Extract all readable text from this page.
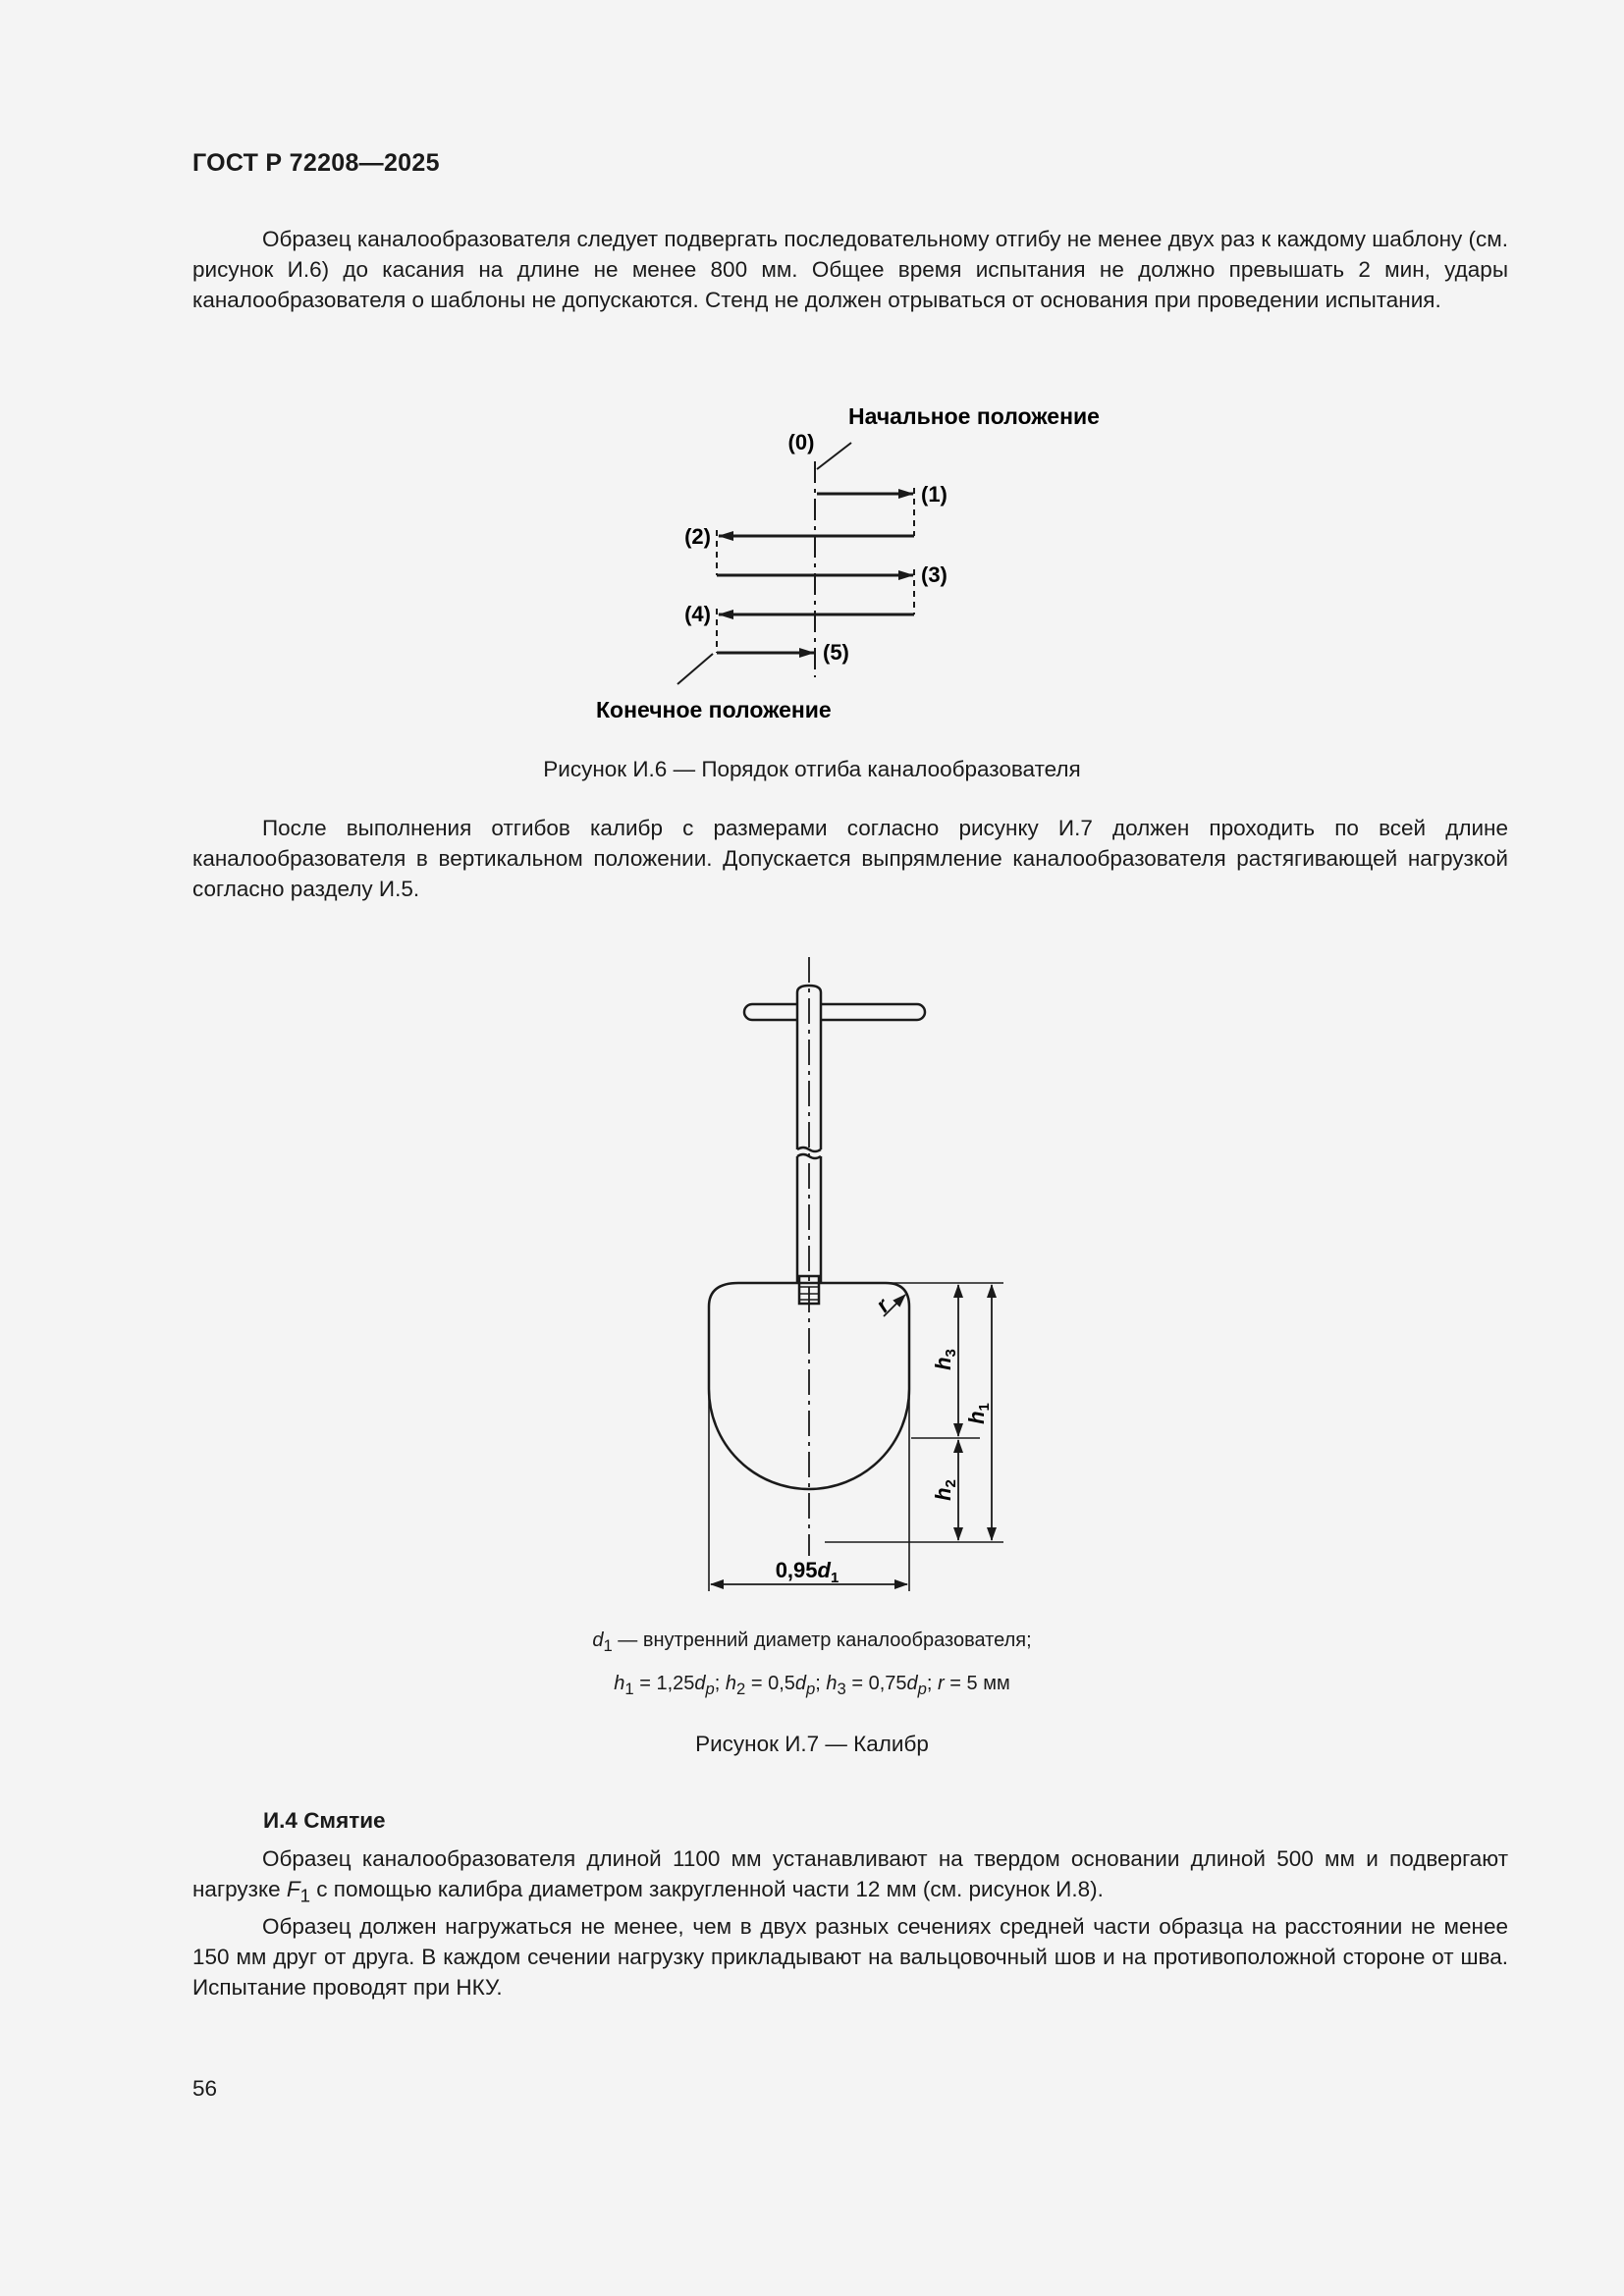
ГОСТ Р 72208—2025

Образец каналообразователя следует подвергать последовательному отгибу не менее двух раз к каждому шаблону (см. рисунок И.6) до касания на длине не менее 800 мм. Общее время испытания не должно превышать 2 мин, удары каналообразователя о шаблоны не допускаются. Стенд не должен отрываться от основания при проведении испытания.

Начальное положение
(0)
(1)
(2)
(3)
(4)
(5)
Конечное положение
Рисунок И.6 — Порядок отгиба каналообразователя

После выполнения отгибов калибр с размерами согласно рисунку И.7 должен проходить по всей длине каналообразователя в вертикальном положении. Допускается выпрямление каналообразователя растягивающей нагрузкой согласно разделу И.5.

$0,95d_1$
$h_3$
$h_2$
$h_1$
r
$d_1$ — внутренний диаметр каналообразователя;
$h_1 = 1,25d_p$; $h_2 = 0,5d_p$; $h_3 = 0,75d_p$; r = 5 мм
Рисунок И.7 — Калибр
И.4 Смятие

Образец каналообразователя длиной 1100 мм устанавливают на твердом основании длиной 500 мм и подвергают нагрузке $F_1$ с помощью калибра диаметром закругленной части 12 мм (см. рисунок И.8).

Образец должен нагружаться не менее, чем в двух разных сечениях средней части образца на расстоянии не менее 150 мм друг от друга. В каждом сечении нагрузку прикладывают на вальцовочный шов и на противоположной стороне от шва. Испытание проводят при НКУ.

56
